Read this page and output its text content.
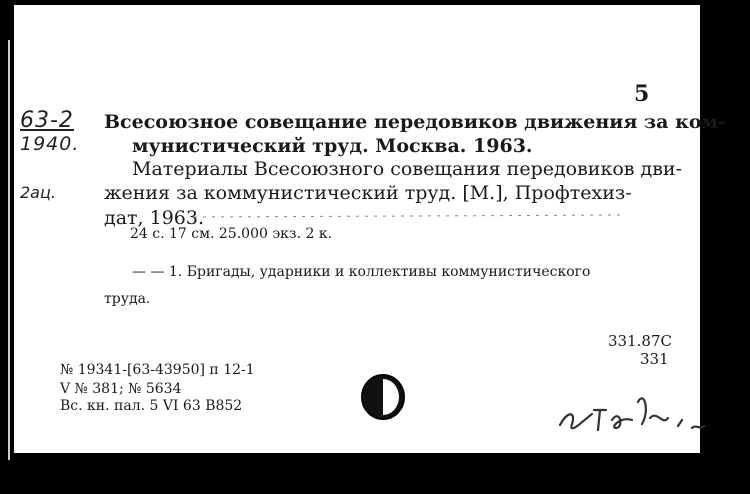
5
63-2
1940.
2aц.
Всесоюзное совещание передовиков движения за ком-
мунистический труд. Москва. 1963.
Материалы Всесоюзного совещания передовиков дви-
жения за коммунистический труд. [М.], Профтехиз-
дат, 1963.
24 с. 17 см. 25.000 экз. 2 к.
— — 1. Бригады, ударники и коллективы коммунистического
труда.
331.87С
331
№ 19341-[63-43950] п 12-1
V № 381; № 5634
Вс. кн. пал. 5 VI 63 В852
